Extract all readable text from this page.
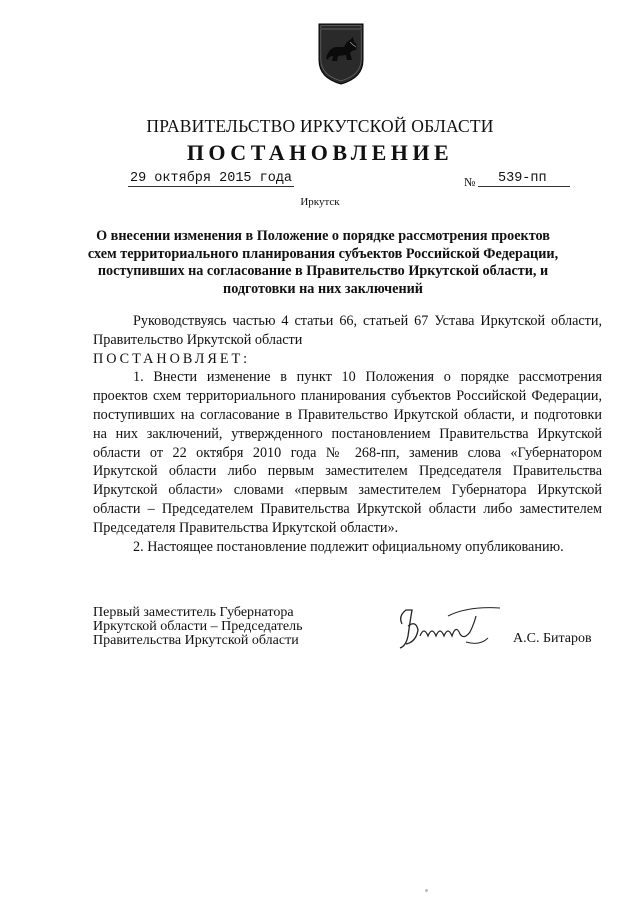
ПРАВИТЕЛЬСТВО ИРКУТСКОЙ ОБЛАСТИ
ПОСТАНОВЛЕНИЕ
29 октября 2015 года	№	539-пп
Иркутск
О внесении изменения в Положение о порядке рассмотрения проектов схем территориального планирования субъектов Российской Федерации, поступивших на согласование в Правительство Иркутской области, и подготовки на них заключений

Руководствуясь частью 4 статьи 66, статьей 67 Устава Иркутской области, Правительство Иркутской области

ПОСТАНОВЛЯЕТ:

1. Внести изменение в пункт 10 Положения о порядке рассмотрения проектов схем территориального планирования субъектов Российской Федерации, поступивших на согласование в Правительство Иркутской области, и подготовки на них заключений, утвержденного постановлением Правительства Иркутской области от 22 октября 2010 года № 268-пп, заменив слова «Губернатором Иркутской области либо первым заместителем Председателя Правительства Иркутской области» словами «первым заместителем Губернатора Иркутской области – Председателем Правительства Иркутской области либо заместителем Председателя Правительства Иркутской области».

2. Настоящее постановление подлежит официальному опубликованию.

Первый заместитель Губернатора
Иркутской области – Председатель
Правительства Иркутской области	А.С. Битаров
